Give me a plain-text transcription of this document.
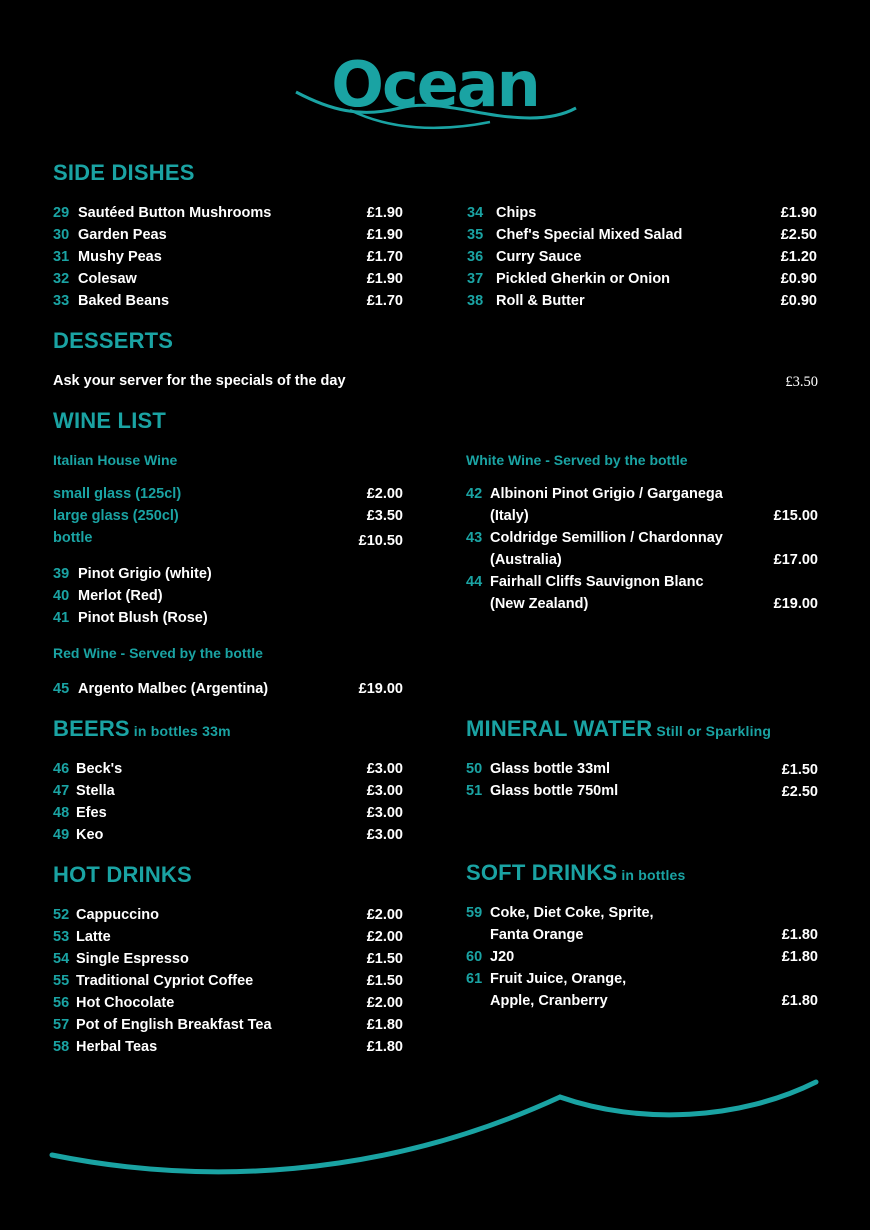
Ocean
SIDE DISHES
29 Sautéed Button Mushrooms	£1.90
30 Garden Peas	£1.90
31 Mushy Peas	£1.70
32 Colesaw	£1.90
33 Baked Beans	£1.70
34 Chips	£1.90
35 Chef's Special Mixed Salad	£2.50
36 Curry Sauce	£1.20
37 Pickled Gherkin or Onion	£0.90
38 Roll & Butter	£0.90
DESSERTS
Ask your server for the specials of the day	£3.50
WINE LIST
Italian House Wine
small glass (125cl)	£2.00
large glass (250cl)	£3.50
bottle	£10.50
39 Pinot Grigio (white)
40 Merlot (Red)
41 Pinot Blush (Rose)
Red Wine - Served by the bottle
45 Argento Malbec (Argentina)	£19.00
White Wine - Served by the bottle
42 Albinoni Pinot Grigio / Garganega
(Italy)	£15.00
43 Coldridge Semillion / Chardonnay
(Australia)	£17.00
44 Fairhall Cliffs Sauvignon Blanc
(New Zealand)	£19.00
BEERS in bottles 33m
46 Beck's	£3.00
47 Stella	£3.00
48 Efes	£3.00
49 Keo	£3.00
MINERAL WATER Still or Sparkling
50 Glass bottle 33ml	£1.50
51 Glass bottle 750ml	£2.50
HOT DRINKS
52 Cappuccino	£2.00
53 Latte	£2.00
54 Single Espresso	£1.50
55 Traditional Cypriot Coffee	£1.50
56 Hot Chocolate	£2.00
57 Pot of English Breakfast Tea	£1.80
58 Herbal Teas	£1.80
SOFT DRINKS in bottles
59 Coke, Diet Coke, Sprite,
Fanta Orange	£1.80
60 J20	£1.80
61 Fruit Juice, Orange,
Apple, Cranberry	£1.80
